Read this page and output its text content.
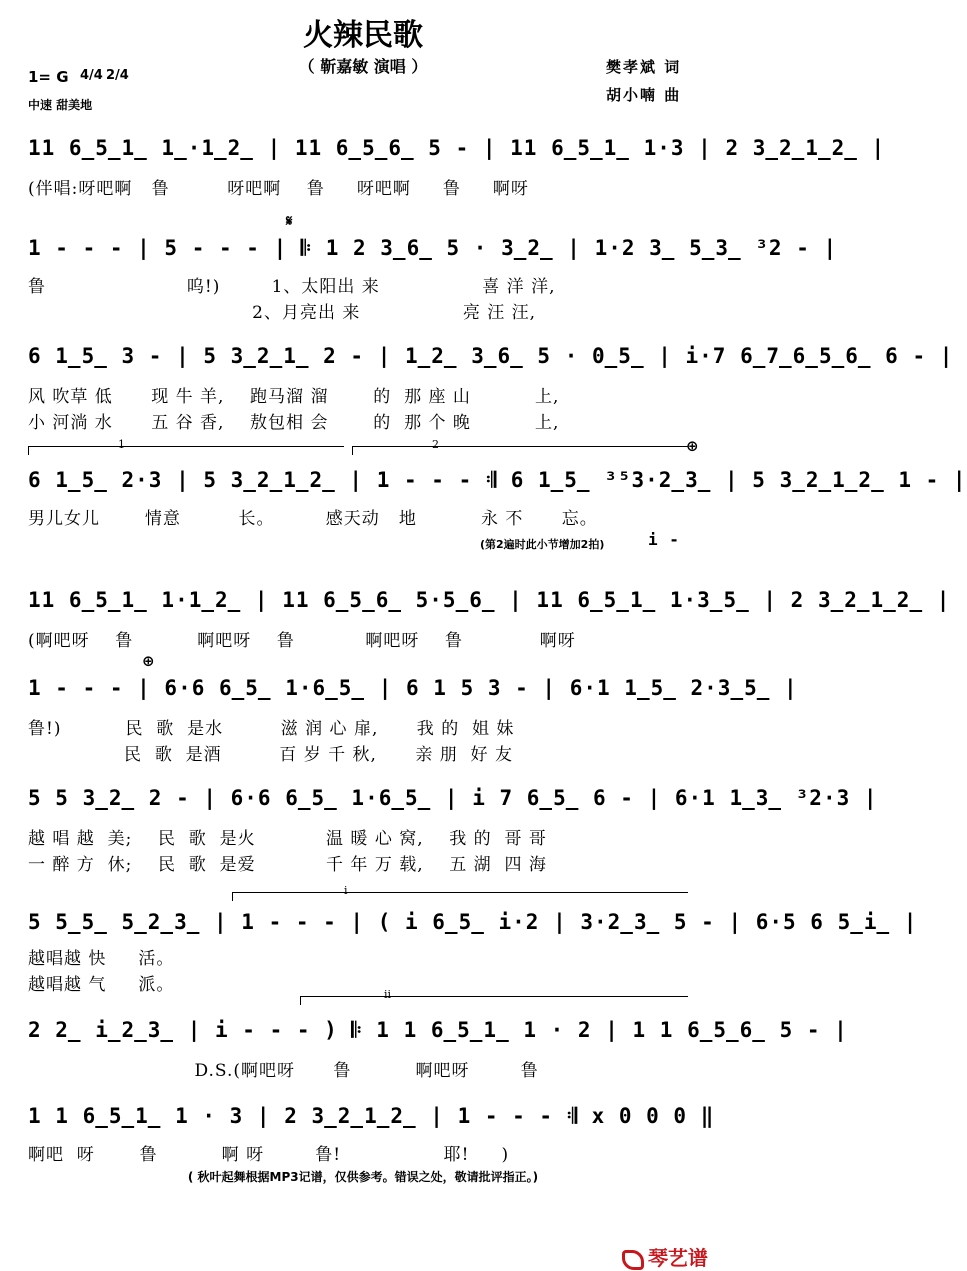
火辣民歌
（ 靳嘉敏 演唱 ）	樊孝斌 词
胡小喃 曲
1= G 4/4 2/4
中速 甜美地
11 6̲5̲1̲ 1̲·1̲2̲ | 11 6̲5̲6̲ 5 - | 11 6̲5̲1̲ 1·3 | 2 3̲2̲1̲2̲ |
(伴唱:呀吧啊   鲁         呀吧啊    鲁     呀吧啊     鲁     啊呀
𝄋
1 - - - | 5 - - - | 𝄆 1 2 3̲6̲ 5 · 3̲2̲ | 1·2 3̲ 5̲3̲ ³2 - |
鲁                      呜!)        1、太阳出 来                喜 洋 洋,
2、月亮出 来                亮 汪 汪,
6 1̲5̲ 3 - | 5 3̲2̲1̲ 2 - | 1̲2̲ 3̲6̲ 5 · 0̲5̲ | i·7 6̲7̲6̲5̲6̲ 6 - |
风 吹草 低      现 牛 羊,    跑马溜 溜       的  那 座 山          上,
小 河淌 水      五 谷 香,    敖包相 会       的  那 个 晚          上,
1	2	⊕
6 1̲5̲ 2·3 | 5 3̲2̲1̲2̲ | 1 - - - 𝄇 6 1̲5̲ ³⁵3·2̲3̲ | 5 3̲2̲1̲2̲ 1 - |
男儿女儿       情意         长。        感天动   地          永 不      忘。
(第2遍时此小节增加2拍)	i -
11 6̲5̲1̲ 1·1̲2̲ | 11 6̲5̲6̲ 5·5̲6̲ | 11 6̲5̲1̲ 1·3̲5̲ | 2 3̲2̲1̲2̲ |
(啊吧呀    鲁          啊吧呀    鲁           啊吧呀    鲁            啊呀
⊕
1 - - - | 6·6 6̲5̲ 1·6̲5̲ | 6 1 5 3 - | 6·1 1̲5̲ 2·3̲5̲ |
鲁!)          民  歌  是水         滋 润 心 扉,      我 的  姐 妹
民  歌  是酒         百 岁 千 秋,      亲 朋  好 友
5 5 3̲2̲ 2 - | 6·6 6̲5̲ 1·6̲5̲ | i 7 6̲5̲ 6 - | 6·1 1̲3̲ ³2·3 |
越 唱 越  美;    民  歌  是火           温 暖 心 窝,    我 的  哥 哥
一 醉 方  休;    民  歌  是爱           千 年 万 载,    五 湖  四 海
i
5 5̲5̲ 5̲2̲3̲ | 1 - - - | ( i 6̲5̲ i·2 | 3·2̲3̲ 5 - | 6·5 6 5̲i̲ |
越唱越 快     活。
越唱越 气     派。	ii
2 2̲ i̲2̲3̲ | i - - - ) 𝄆 1 1 6̲5̲1̲ 1 · 2 | 1 1 6̲5̲6̲ 5 - |
D.S.(啊吧呀      鲁          啊吧呀        鲁
1 1 6̲5̲1̲ 1 · 3 | 2 3̲2̲1̲2̲ | 1 - - - 𝄇 x 0 0 0 ‖
啊吧  呀       鲁          啊 呀        鲁!                耶!     )
( 秋叶起舞根据MP3记谱，仅供参考。错误之处，敬请批评指正。)

琴艺谱
